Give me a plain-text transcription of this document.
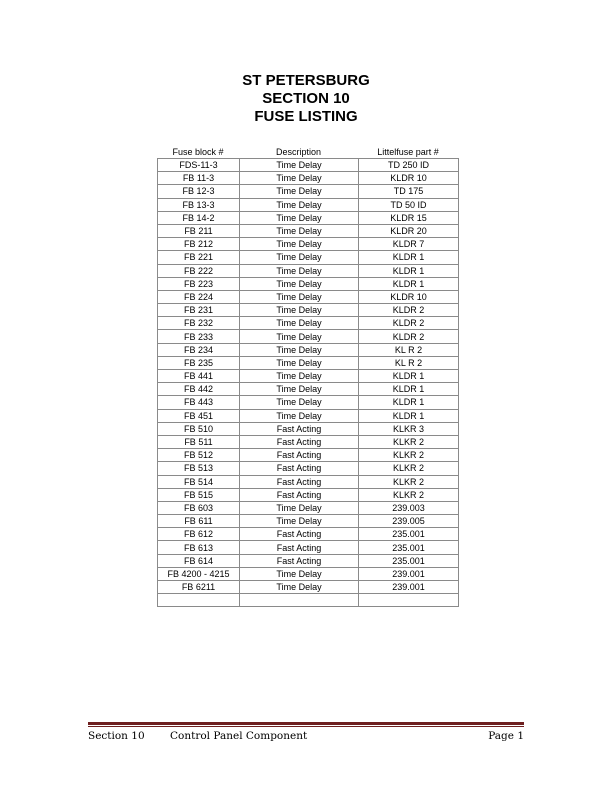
ST PETERSBURG
SECTION 10
FUSE LISTING
Fuse block #	Description	Littelfuse part #
FDS-11-3	Time Delay	TD 250 ID
FB 11-3	Time Delay	KLDR 10
FB 12-3	Time Delay	TD 175
FB 13-3	Time Delay	TD 50 ID
FB 14-2	Time Delay	KLDR 15
FB 211	Time Delay	KLDR 20
FB 212	Time Delay	KLDR 7
FB 221	Time Delay	KLDR 1
FB 222	Time Delay	KLDR 1
FB 223	Time Delay	KLDR 1
FB 224	Time Delay	KLDR 10
FB 231	Time Delay	KLDR 2
FB 232	Time Delay	KLDR 2
FB 233	Time Delay	KLDR 2
FB 234	Time Delay	KL R 2
FB 235	Time Delay	KL R 2
FB 441	Time Delay	KLDR 1
FB 442	Time Delay	KLDR 1
FB 443	Time Delay	KLDR 1
FB 451	Time Delay	KLDR 1
FB 510	Fast Acting	KLKR 3
FB 511	Fast Acting	KLKR 2
FB 512	Fast Acting	KLKR 2
FB 513	Fast Acting	KLKR 2
FB 514	Fast Acting	KLKR 2
FB 515	Fast Acting	KLKR 2
FB 603	Time Delay	239.003
FB 611	Time Delay	239.005
FB 612	Fast Acting	235.001
FB 613	Fast Acting	235.001
FB 614	Fast Acting	235.001
FB 4200 - 4215	Time Delay	239.001
FB 6211	Time Delay	239.001

Section 10 Control Panel Component	Page 1
